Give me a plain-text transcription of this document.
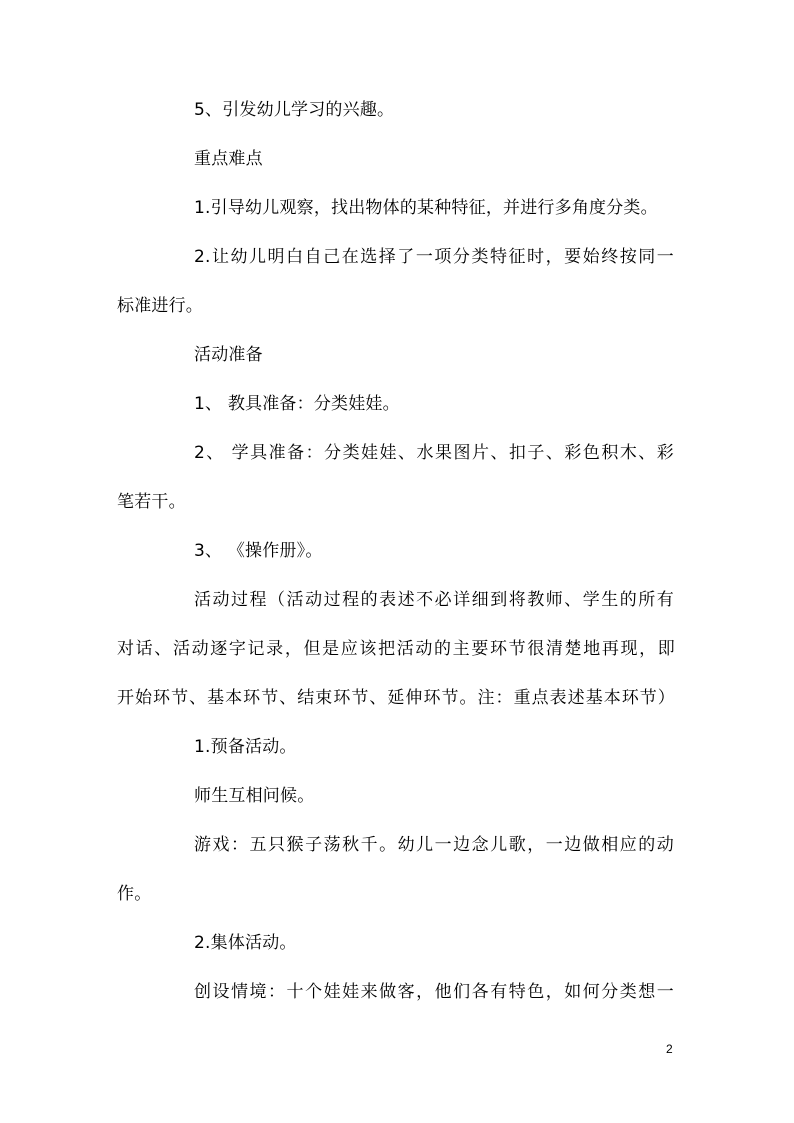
5、引发幼儿学习的兴趣。
重点难点
1.引导幼儿观察，找出物体的某种特征，并进行多角度分类。
2.让幼儿明白自己在选择了一项分类特征时，要始终按同一
标准进行。
活动准备
1、 教具准备：分类娃娃。
2、 学具准备：分类娃娃、水果图片、扣子、彩色积木、彩
笔若干。
3、 《操作册》。
活动过程（活动过程的表述不必详细到将教师、学生的所有
对话、活动逐字记录，但是应该把活动的主要环节很清楚地再现，即
开始环节、基本环节、结束环节、延伸环节。注：重点表述基本环节）
1.预备活动。
师生互相问候。
游戏：五只猴子荡秋千。幼儿一边念儿歌，一边做相应的动
作。
2.集体活动。
创设情境：十个娃娃来做客，他们各有特色，如何分类想一
2
